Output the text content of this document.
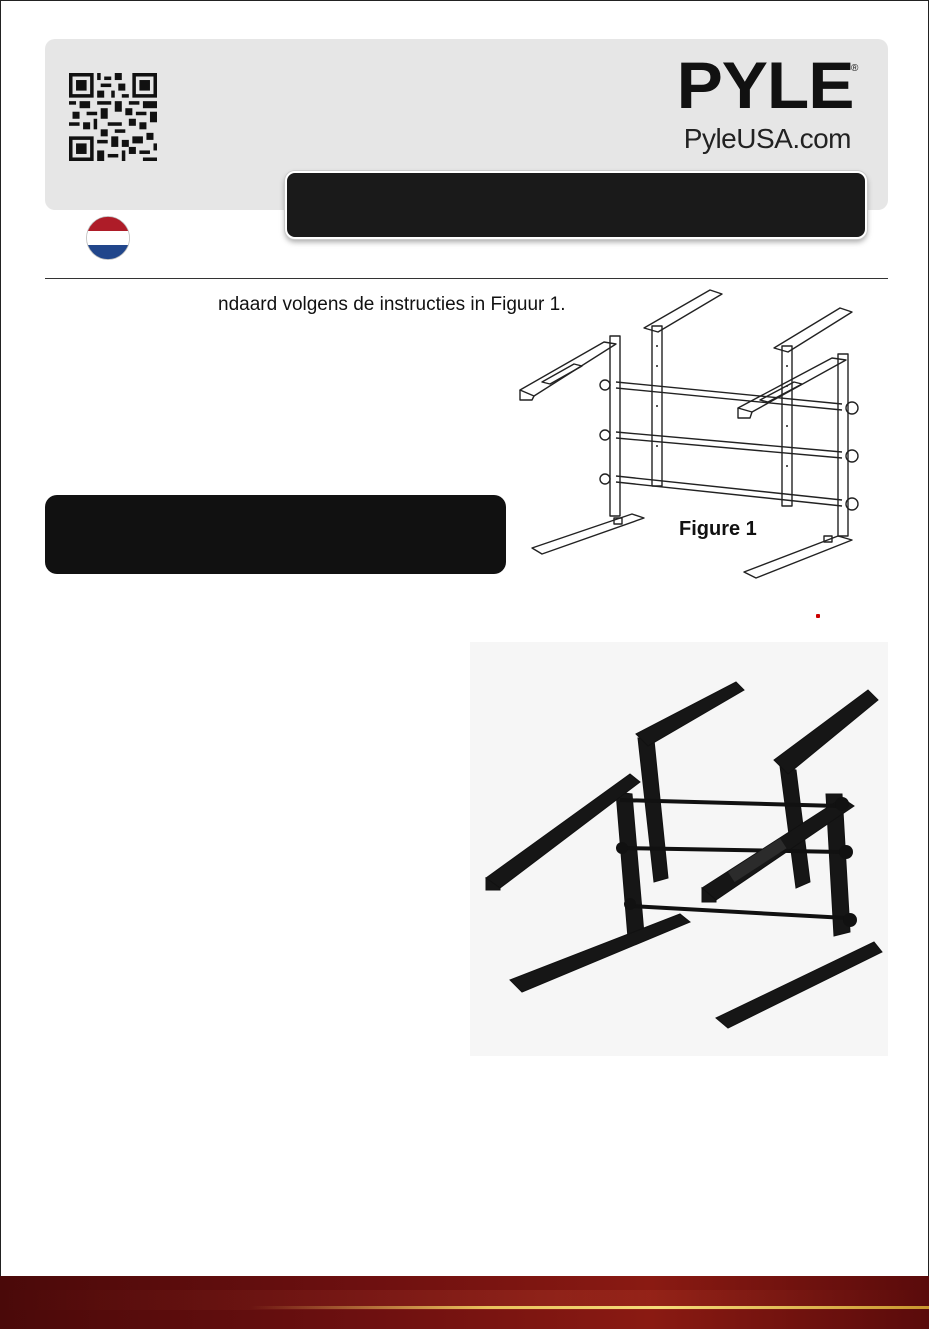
PYLE
®
PyleUSA.com
ndaard volgens de instructies in Figuur 1.
Figure 1
